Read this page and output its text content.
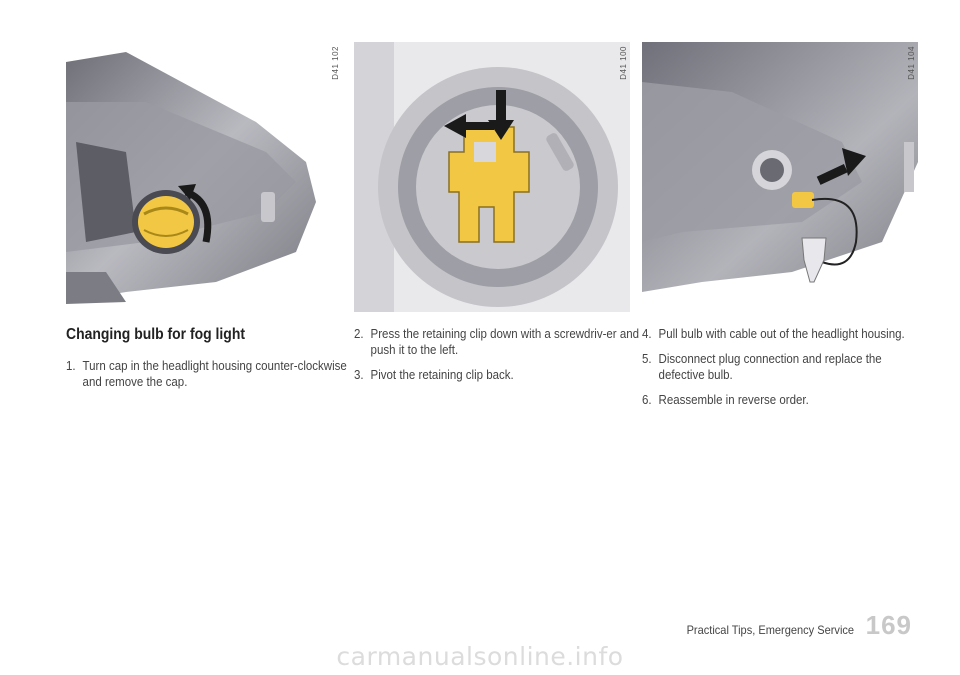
D41 102	D41 100	D41 104
Changing bulb for fog light
1. Turn cap in the headlight housing counter-clockwise and remove the cap.
2. Press the retaining clip down with a screwdriv-er and push it to the left.
3. Pivot the retaining clip back.
4. Pull bulb with cable out of the headlight housing.
5. Disconnect plug connection and replace the defective bulb.
6. Reassemble in reverse order.
Practical Tips, Emergency Service 169
carmanualsonline.info
